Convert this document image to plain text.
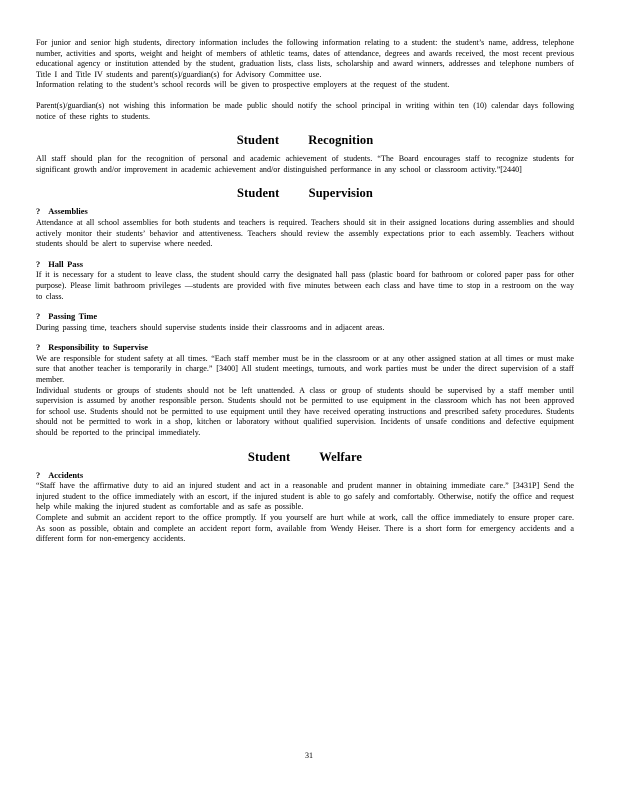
For junior and senior high students, directory information includes the following information relating to a student: the student’s name, address, telephone number, activities and sports, weight and height of members of athletic teams, dates of attendance, degrees and awards received, the most recent previous educational agency or institution attended by the student, graduation lists, class lists, scholarship and award winners, addresses and telephone numbers of Title I and Title IV students and parent(s)/guardian(s) for Advisory Committee use.

Information relating to the student’s school records will be given to prospective employers at the request of the student.

Parent(s)/guardian(s) not wishing this information be made public should notify the school principal in writing within ten (10) calendar days following notice of these rights to students.

Student Recognition

All staff should plan for the recognition of personal and academic achievement of students. “The Board encourages staff to recognize students for significant growth and/or improvement in academic achievement and/or distinguished performance in any school or classroom activity.”[2440]

Student Supervision
? Assemblies

Attendance at all school assemblies for both students and teachers is required. Teachers should sit in their assigned locations during assemblies and should actively monitor their students’ behavior and attentiveness. Teachers should review the assembly expectations prior to each assembly. Teachers without students should be alert to supervise where needed.

? Hall Pass

If it is necessary for a student to leave class, the student should carry the designated hall pass (plastic board for bathroom or colored paper pass for other purpose). Please limit bathroom privileges —students are provided with five minutes between each class and have time to stop in a restroom on the way to class.

? Passing Time

During passing time, teachers should supervise students inside their classrooms and in adjacent areas.

? Responsibility to Supervise

We are responsible for student safety at all times. “Each staff member must be in the classroom or at any other assigned station at all times or must make sure that another teacher is temporarily in charge.” [3400] All student meetings, turnouts, and work parties must be under the direct supervision of a staff member.

Individual students or groups of students should not be left unattended. A class or group of students should be supervised by a staff member until supervision is assumed by another responsible person. Students should not be permitted to use equipment in the classroom which has not been approved for school use. Students should not be permitted to use equipment until they have received operating instructions and prescribed safety procedures. Students should not be permitted to work in a shop, kitchen or laboratory without qualified supervision. Incidents of unsafe conditions and defective equipment should be reported to the principal immediately.

Student Welfare
? Accidents

“Staff have the affirmative duty to aid an injured student and act in a reasonable and prudent manner in obtaining immediate care.” [3431P] Send the injured student to the office immediately with an escort, if the injured student is able to go safely and comfortably. Otherwise, notify the office and request help while making the injured student as comfortable and as safe as possible.

Complete and submit an accident report to the office promptly. If you yourself are hurt while at work, call the office immediately to ensure proper care. As soon as possible, obtain and complete an accident report form, available from Wendy Heiser. There is a short form for emergency accidents and a different form for non-emergency accidents.

31
